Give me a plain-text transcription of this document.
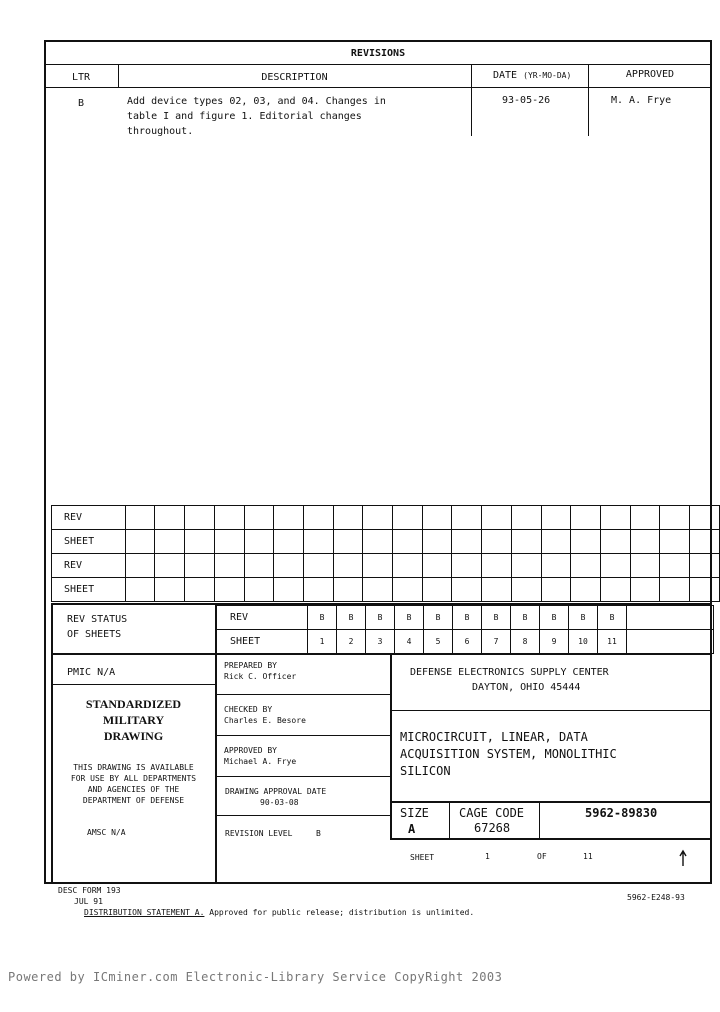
REVISIONS
LTR	DESCRIPTION	DATE (YR-MO-DA)	APPROVED
B	Add device types 02, 03, and 04. Changes in
table I and figure 1. Editorial changes
throughout.
93-05-26	M. A. Frye
REV																				
SHEET																				
REV																				
SHEET																				
REV STATUS
OF SHEETS
REV	B	B	B	B	B	B	B	B	B	B	B	
SHEET	1	2	3	4	5	6	7	8	9	10	11	
PMIC N/A
STANDARDIZED
MILITARY
DRAWING
THIS DRAWING IS AVAILABLE
FOR USE BY ALL DEPARTMENTS
AND AGENCIES OF THE
DEPARTMENT OF DEFENSE
AMSC N/A
PREPARED BY
Rick C. Officer
CHECKED BY
Charles E. Besore
APPROVED BY
Michael A. Frye
DRAWING APPROVAL DATE
90-03-08
REVISION LEVEL	B
DEFENSE ELECTRONICS SUPPLY CENTER
DAYTON, OHIO 45444
MICROCIRCUIT, LINEAR, DATA
ACQUISITION SYSTEM, MONOLITHIC
SILICON
SIZE
A
CAGE CODE
67268
5962-89830
SHEET	1	OF	11
DESC FORM 193
JUL 91	5962-E248-93
DISTRIBUTION STATEMENT A. Approved for public release; distribution is unlimited.
Powered by ICminer.com Electronic-Library Service CopyRight 2003
